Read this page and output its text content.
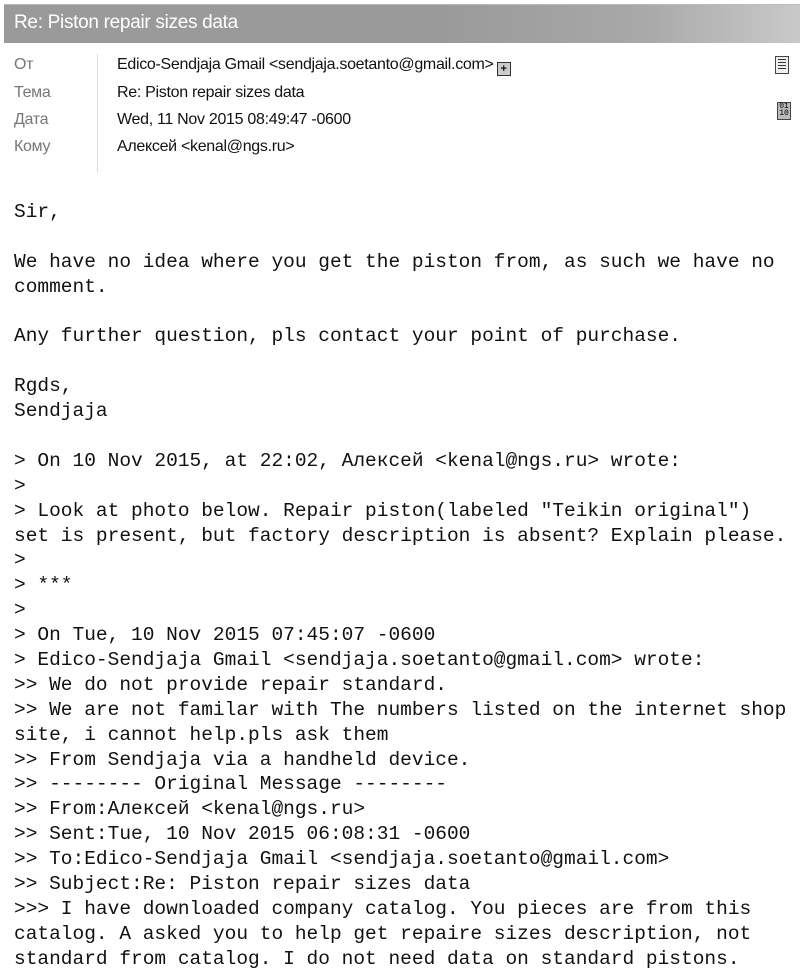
Re: Piston repair sizes data
От	Edico-Sendjaja Gmail <sendjaja.soetanto@gmail.com> +
Тема	Re: Piston repair sizes data
Дата	Wed, 11 Nov 2015 08:49:47 -0600
Кому	Алексей <kenal@ngs.ru>
01
10
Sir,
We have no idea where you get the piston from, as such we have no
comment.
Any further question, pls contact your point of purchase.
Rgds,
Sendjaja
> On 10 Nov 2015, at 22:02, Алексей <kenal@ngs.ru> wrote:
>
> Look at photo below. Repair piston(labeled "Teikin original")
set is present, but factory description is absent? Explain please.
>
> ***
>
> On Tue, 10 Nov 2015 07:45:07 -0600
> Edico-Sendjaja Gmail <sendjaja.soetanto@gmail.com> wrote:
>> We do not provide repair standard.
>> We are not familar with The numbers listed on the internet shop
site, i cannot help.pls ask them
>> From Sendjaja via a handheld device.
>> -------- Original Message --------
>> From:Алексей <kenal@ngs.ru>
>> Sent:Tue, 10 Nov 2015 06:08:31 -0600
>> To:Edico-Sendjaja Gmail <sendjaja.soetanto@gmail.com>
>> Subject:Re: Piston repair sizes data
>>> I have downloaded company catalog. You pieces are from this
catalog. A asked you to help get repaire sizes description, not
standard from catalog. I do not need data on standard pistons.
